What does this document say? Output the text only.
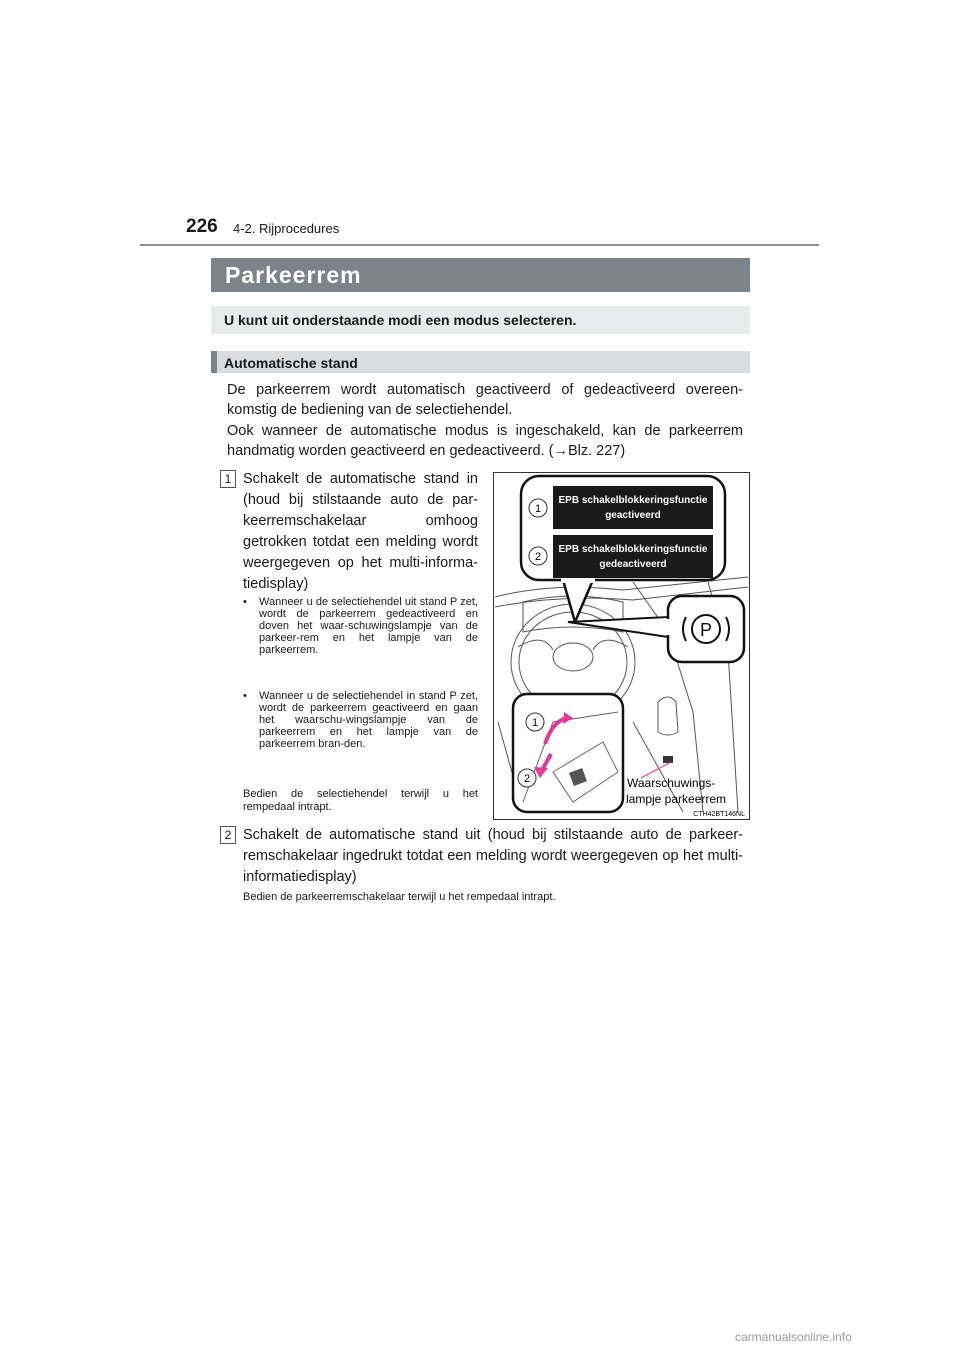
226 4-2. Rijprocedures
Parkeerrem
U kunt uit onderstaande modi een modus selecteren.
Automatische stand
De parkeerrem wordt automatisch geactiveerd of gedeactiveerd overeen-komstig de bediening van de selectiehendel.
Ook wanneer de automatische modus is ingeschakeld, kan de parkeerrem handmatig worden geactiveerd en gedeactiveerd. (→Blz. 227)
1 Schakelt de automatische stand in (houd bij stilstaande auto de par-keerremschakelaar omhoog getrokken totdat een melding wordt weergegeven op het multi-informa-tiedisplay)
• Wanneer u de selectiehendel uit stand P zet, wordt de parkeerrem gedeactiveerd en doven het waar-schuwingslampje van de parkeer-rem en het lampje van de parkeerrem.
• Wanneer u de selectiehendel in stand P zet, wordt de parkeerrem geactiveerd en gaan het waarschu-wingslampje van de parkeerrem en het lampje van de parkeerrem bran-den.
Bedien de selectiehendel terwijl u het rempedaal intrapt.
2 Schakelt de automatische stand uit (houd bij stilstaande auto de parkeer-remschakelaar ingedrukt totdat een melding wordt weergegeven op het multi-informatiedisplay)
Bedien de parkeerremschakelaar terwijl u het rempedaal intrapt.
EPB schakelblokkeringsfunctie
geactiveerd
EPB schakelblokkeringsfunctie
gedeactiveerd
1
2
P
1
2	Waarschuwings-
lampje parkeerrem
CTH42BT146NL
carmanualsonline.info
